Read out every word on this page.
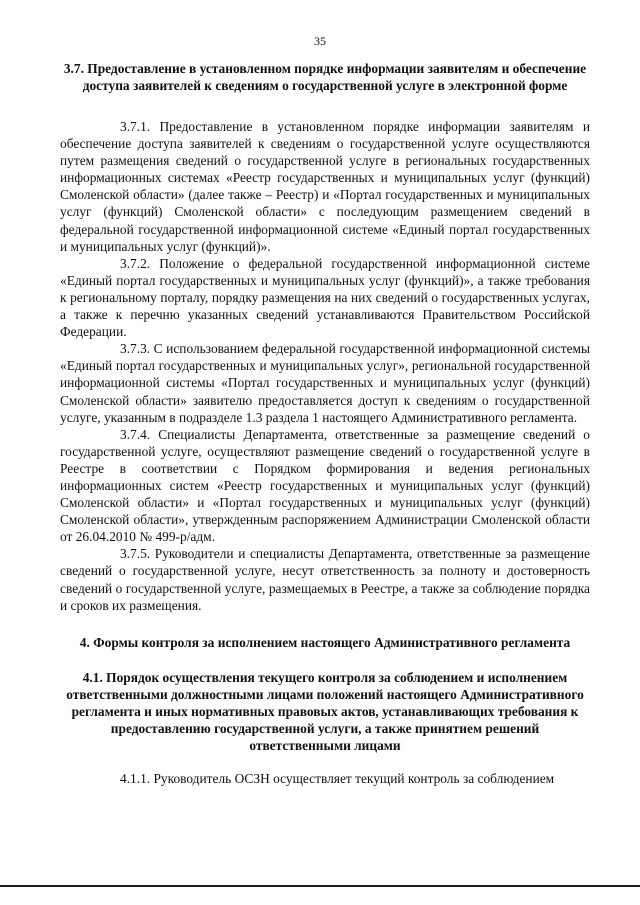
35
3.7. Предоставление в установленном порядке информации заявителям и обеспечение доступа заявителей к сведениям о государственной услуге в электронной форме

3.7.1. Предоставление в установленном порядке информации заявителям и обеспечение доступа заявителей к сведениям о государственной услуге осуществляются путем размещения сведений о государственной услуге в региональных государственных информационных системах «Реестр государственных и муниципальных услуг (функций) Смоленской области» (далее также – Реестр) и «Портал государственных и муниципальных услуг (функций) Смоленской области» с последующим размещением сведений в федеральной государственной информационной системе «Единый портал государственных и муниципальных услуг (функций)».

3.7.2. Положение о федеральной государственной информационной системе «Единый портал государственных и муниципальных услуг (функций)», а также требования к региональному порталу, порядку размещения на них сведений о государственных услугах, а также к перечню указанных сведений устанавливаются Правительством Российской Федерации.

3.7.3. С использованием федеральной государственной информационной системы «Единый портал государственных и муниципальных услуг», региональной государственной информационной системы «Портал государственных и муниципальных услуг (функций) Смоленской области» заявителю предоставляется доступ к сведениям о государственной услуге, указанным в подразделе 1.3 раздела 1 настоящего Административного регламента.

3.7.4. Специалисты Департамента, ответственные за размещение сведений о государственной услуге, осуществляют размещение сведений о государственной услуге в Реестре в соответствии с Порядком формирования и ведения региональных информационных систем «Реестр государственных и муниципальных услуг (функций) Смоленской области» и «Портал государственных и муниципальных услуг (функций) Смоленской области», утвержденным распоряжением Администрации Смоленской области от 26.04.2010 № 499-р/адм.

3.7.5. Руководители и специалисты Департамента, ответственные за размещение сведений о государственной услуге, несут ответственность за полноту и достоверность сведений о государственной услуге, размещаемых в Реестре, а также за соблюдение порядка и сроков их размещения.

4. Формы контроля за исполнением настоящего Административного регламента
4.1. Порядок осуществления текущего контроля за соблюдением и исполнением ответственными должностными лицами положений настоящего Административного регламента и иных нормативных правовых актов, устанавливающих требования к предоставлению государственной услуги, а также принятием решений ответственными лицами

4.1.1. Руководитель ОСЗН осуществляет текущий контроль за соблюдением
